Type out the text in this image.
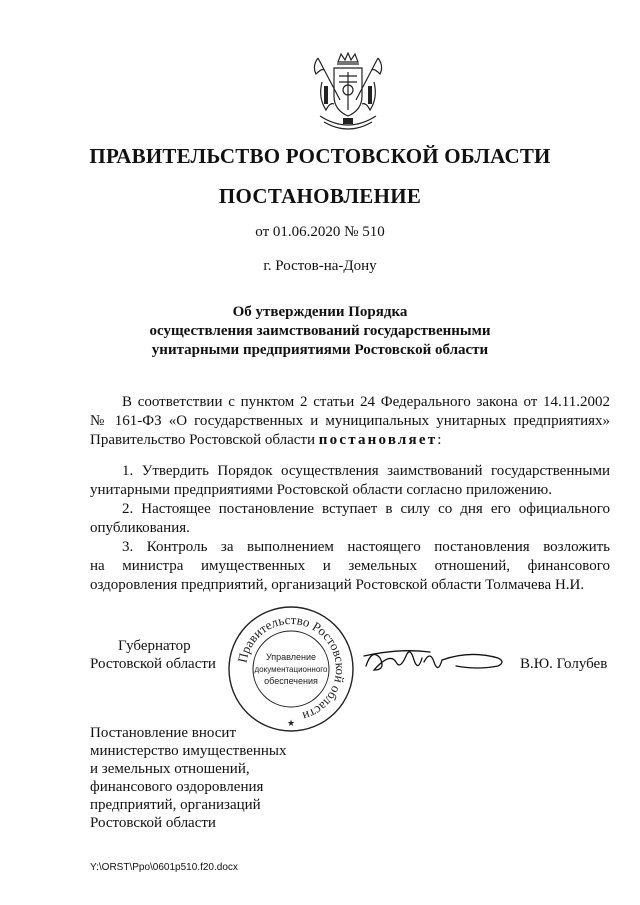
ПРАВИТЕЛЬСТВО РОСТОВСКОЙ ОБЛАСТИ
ПОСТАНОВЛЕНИЕ
от 01.06.2020 № 510
г. Ростов-на-Дону
Об утверждении Порядка
осуществления заимствований государственными
унитарными предприятиями Ростовской области
В соответствии с пунктом 2 статьи 24 Федерального закона от 14.11.2002
№ 161-ФЗ «О государственных и муниципальных унитарных предприятиях»
Правительство Ростовской области постановляет:
1. Утвердить Порядок осуществления заимствований государственными
унитарными предприятиями Ростовской области согласно приложению.
2. Настоящее постановление вступает в силу со дня его официального
опубликования.
3. Контроль за выполнением настоящего постановления возложить
на министра имущественных и земельных отношений, финансового
оздоровления предприятий, организаций Ростовской области Толмачева Н.И.
Губернатор
Ростовской области	В.Ю. Голубев
Правительство Ростовской области
Управление
документационного
обеспечения
★
Постановление вносит
министерство имущественных
и земельных отношений,
финансового оздоровления
предприятий, организаций
Ростовской области
Y:\ORST\Ppo\0601p510.f20.docx
